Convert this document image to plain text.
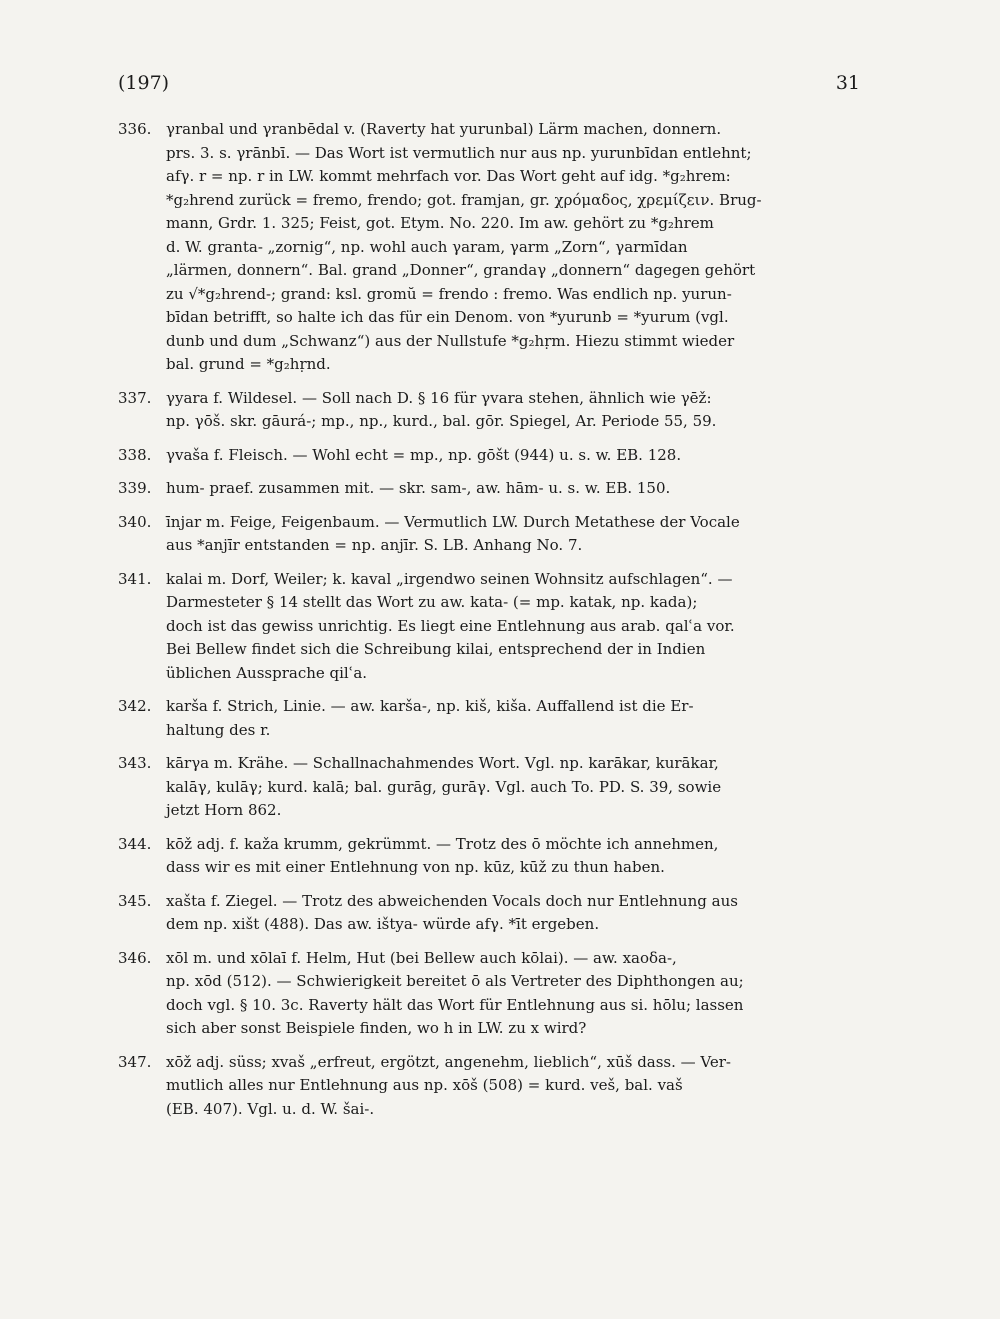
(197)	31

336. γranbal und γranbēdal v. (Raverty hat yurunbal) Lärm machen, donnern.

prs. 3. s. γrānbī. — Das Wort ist vermutlich nur aus np. yurunbīdan entlehnt;

afγ. r = np. r in LW. kommt mehrfach vor. Das Wort geht auf idg. *g₂hrem:

*g₂hrend zurück = fremo, frendo; got. framjan, gr. χρόμαδος, χρεμίζειν. Brug-

mann, Grdr. 1. 325; Feist, got. Etym. No. 220. Im aw. gehört zu *g₂hrem

d. W. granta- „zornig“, np. wohl auch γaram, γarm „Zorn“, γarmīdan

„lärmen, donnern“. Bal. grand „Donner“, grandaγ „donnern“ dagegen gehört

zu √*g₂hrend-; grand: ksl. gromŭ = frendo : fremo. Was endlich np. yurun-

bīdan betrifft, so halte ich das für ein Denom. von *yurunb = *yurum (vgl.

dunb und dum „Schwanz“) aus der Nullstufe *g₂hṛm. Hiezu stimmt wieder

bal. grund = *g₂hṛnd.

337. γyara f. Wildesel. — Soll nach D. § 16 für γvara stehen, ähnlich wie γēž:

np. γōš. skr. gāurá-; mp., np., kurd., bal. gōr. Spiegel, Ar. Periode 55, 59.

338. γvaša f. Fleisch. — Wohl echt = mp., np. gōšt (944) u. s. w. EB. 128.

339. hum- praef. zusammen mit. — skr. sam-, aw. hām- u. s. w. EB. 150.

340. īnjar m. Feige, Feigenbaum. — Vermutlich LW. Durch Metathese der Vocale

aus *anjīr entstanden = np. anjīr. S. LB. Anhang No. 7.

341. kalai m. Dorf, Weiler; k. kaval „irgendwo seinen Wohnsitz aufschlagen“. —

Darmesteter § 14 stellt das Wort zu aw. kata- (= mp. katak, np. kada);

doch ist das gewiss unrichtig. Es liegt eine Entlehnung aus arab. qalʿa vor.

Bei Bellew findet sich die Schreibung kilai, entsprechend der in Indien

üblichen Aussprache qilʿa.

342. karša f. Strich, Linie. — aw. karša-, np. kiš, kiša. Auffallend ist die Er-

haltung des r.

343. kārγa m. Krähe. — Schallnachahmendes Wort. Vgl. np. karākar, kurākar,

kalāγ, kulāγ; kurd. kalā; bal. gurāg, gurāγ. Vgl. auch To. PD. S. 39, sowie

jetzt Horn 862.

344. kōž adj. f. kaža krumm, gekrümmt. — Trotz des ō möchte ich annehmen,

dass wir es mit einer Entlehnung von np. kūz, kūž zu thun haben.

345. xašta f. Ziegel. — Trotz des abweichenden Vocals doch nur Entlehnung aus

dem np. xišt (488). Das aw. ištya- würde afγ. *īt ergeben.

346. xōl m. und xōlaī f. Helm, Hut (bei Bellew auch kōlai). — aw. xaoδa-,

np. xōd (512). — Schwierigkeit bereitet ō als Vertreter des Diphthongen au;

doch vgl. § 10. 3c. Raverty hält das Wort für Entlehnung aus si. hōlu; lassen

sich aber sonst Beispiele finden, wo h in LW. zu x wird?

347. xōž adj. süss; xvaš „erfreut, ergötzt, angenehm, lieblich“, xūš dass. — Ver-

mutlich alles nur Entlehnung aus np. xōš (508) = kurd. veš, bal. vaš

(EB. 407). Vgl. u. d. W. šai-.
